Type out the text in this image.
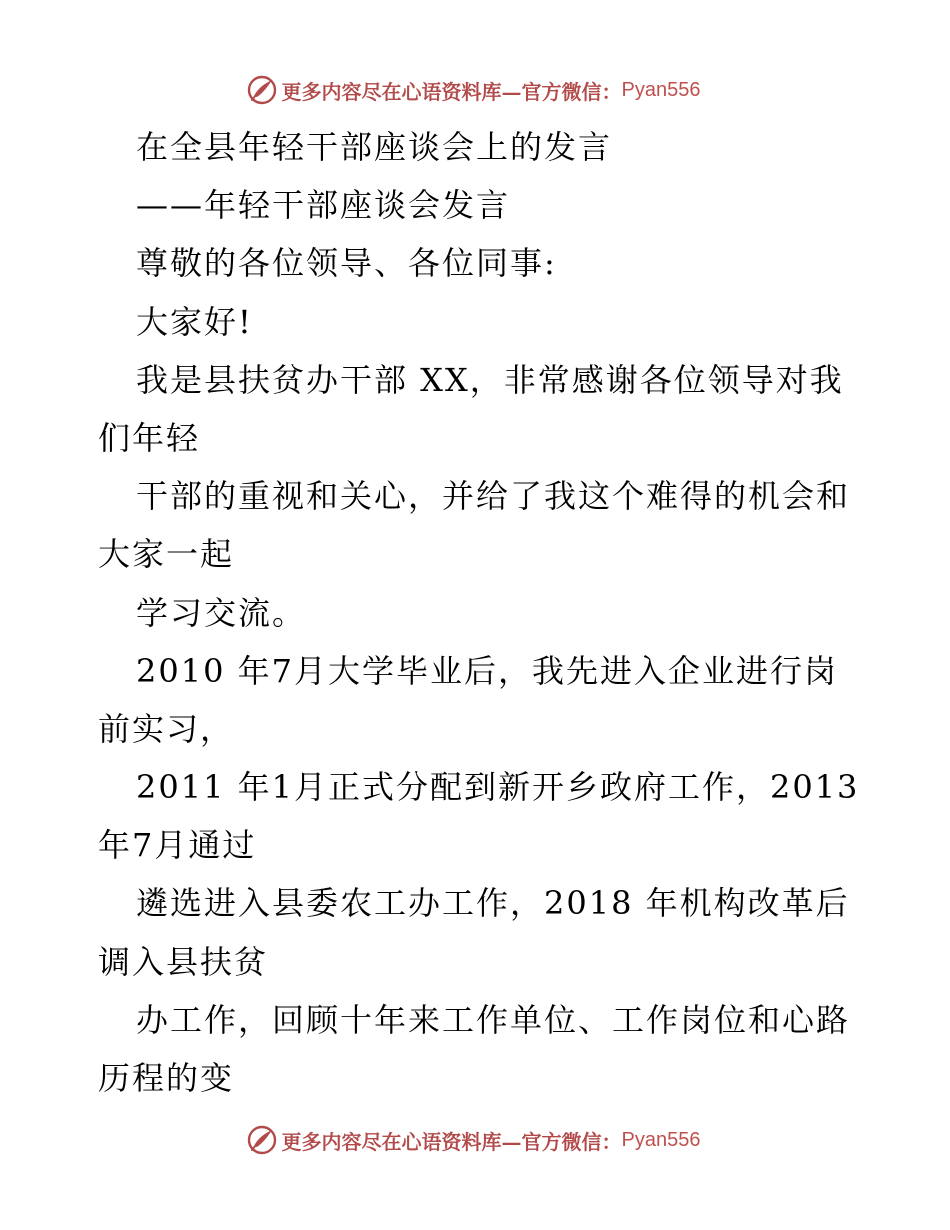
更多内容尽在心语资料库—官方微信： Pyan556
在全县年轻干部座谈会上的发言
——年轻干部座谈会发言
尊敬的各位领导、各位同事:
大家好!
我是县扶贫办干部 XX，非常感谢各位领导对我
们年轻
干部的重视和关心，并给了我这个难得的机会和
大家一起
学习交流。
2010 年7月大学毕业后，我先进入企业进行岗
前实习，
2011 年1月正式分配到新开乡政府工作，2013
年7月通过
遴选进入县委农工办工作，2018 年机构改革后
调入县扶贫
办工作，回顾十年来工作单位、工作岗位和心路
历程的变
更多内容尽在心语资料库—官方微信： Pyan556
